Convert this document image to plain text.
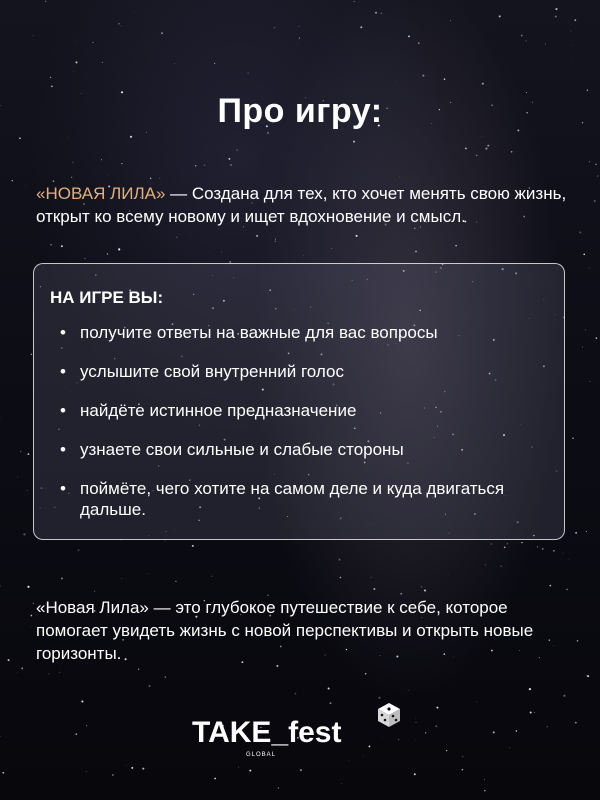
Про игру:
«НОВАЯ ЛИЛА» — Создана для тех, кто хочет менять свою жизнь, открыт ко всему новому и ищет вдохновение и смысл.
НА ИГРЕ ВЫ:
• получите ответы на важные для вас вопросы
• услышите свой внутренний голос
• найдёте истинное предназначение
• узнаете свои сильные и слабые стороны
• поймёте, чего хотите на самом деле и куда двигаться дальше.
«Новая Лила» — это глубокое путешествие к себе, которое помогает увидеть жизнь с новой перспективы и открыть новые горизонты.
TAKE_fest
GLOBAL
